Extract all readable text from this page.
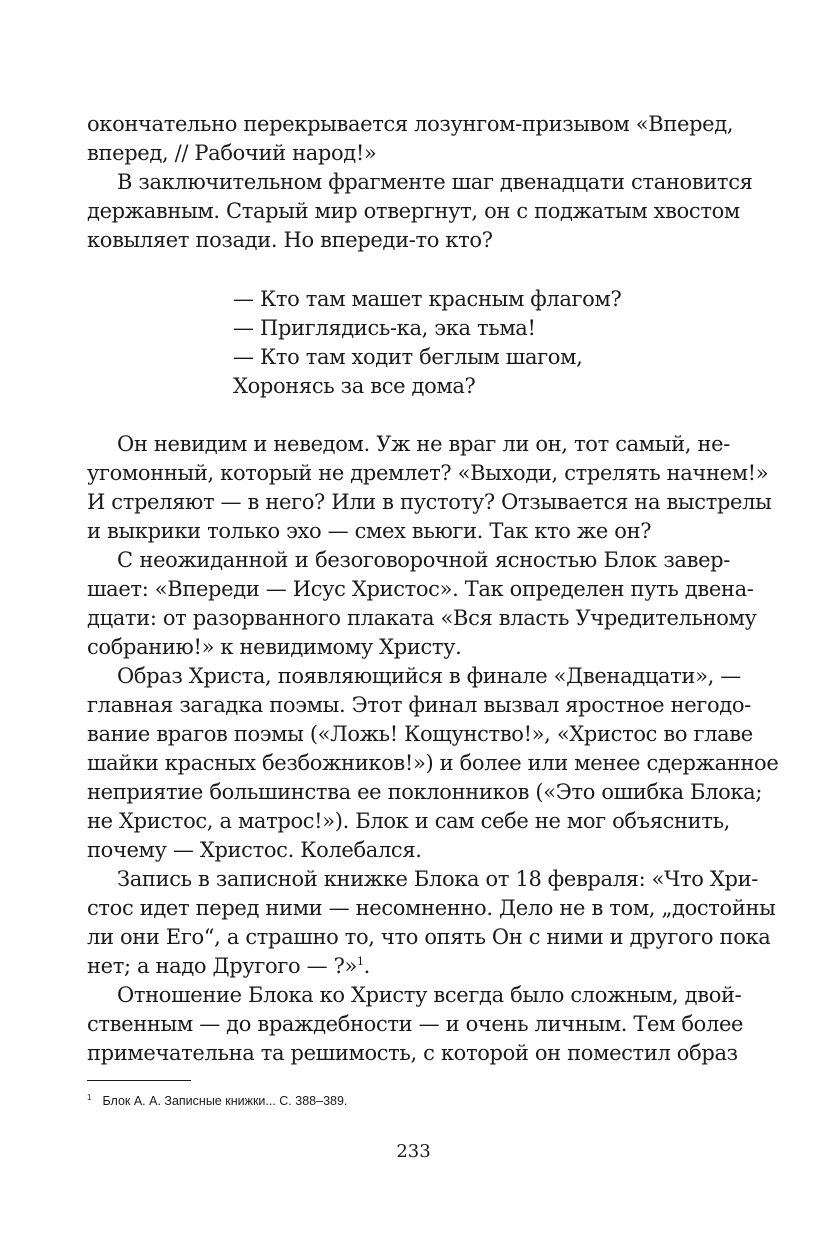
окончательно перекрывается лозунгом-призывом «Вперед,
вперед, // Рабочий народ!»
В заключительном фрагменте шаг двенадцати становится
державным. Старый мир отвергнут, он с поджатым хвостом
ковыляет позади. Но впереди-то кто?
— Кто там машет красным флагом?
— Приглядись-ка, эка тьма!
— Кто там ходит беглым шагом,
Хоронясь за все дома?
Он невидим и неведом. Уж не враг ли он, тот самый, не-
угомонный, который не дремлет? «Выходи, стрелять начнем!»
И стреляют — в него? Или в пустоту? Отзывается на выстрелы
и выкрики только эхо — смех вьюги. Так кто же он?
С неожиданной и безоговорочной ясностью Блок завер-
шает: «Впереди — Исус Христос». Так определен путь двена-
дцати: от разорванного плаката «Вся власть Учредительному
собранию!» к невидимому Христу.
Образ Христа, появляющийся в финале «Двенадцати», —
главная загадка поэмы. Этот финал вызвал яростное негодо-
вание врагов поэмы («Ложь! Кощунство!», «Христос во главе
шайки красных безбожников!») и более или менее сдержанное
неприятие большинства ее поклонников («Это ошибка Блока;
не Христос, а матрос!»). Блок и сам себе не мог объяснить,
почему — Христос. Колебался.
Запись в записной книжке Блока от 18 февраля: «Что Хри-
стос идет перед ними — несомненно. Дело не в том, „достойны
ли они Его“, а страшно то, что опять Он с ними и другого пока
нет; а надо Другого — ?»$^1$.
Отношение Блока ко Христу всегда было сложным, двой-
ственным — до враждебности — и очень личным. Тем более
примечательна та решимость, с которой он поместил образ
$^1$ Блок А. А. Записные книжки... С. 388–389.
233
